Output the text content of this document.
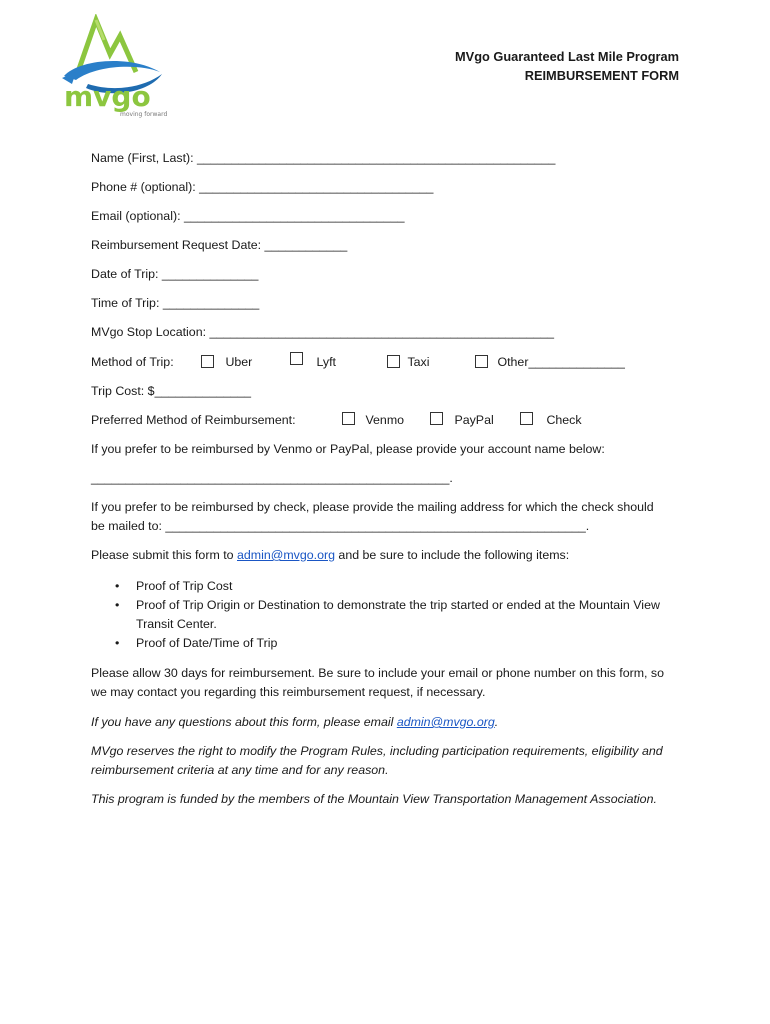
mvgo
moving forward
MVgo Guaranteed Last Mile Program
REIMBURSEMENT FORM
Name (First, Last): ____________________________________________________
Phone # (optional): __________________________________
Email (optional): ________________________________
Reimbursement Request Date: ____________
Date of Trip: ______________
Time of Trip: ______________
MVgo Stop Location: __________________________________________________
Method of Trip:	Uber	Lyft	Taxi	Other______________
Trip Cost: $______________
Preferred Method of Reimbursement:	Venmo	PayPal	Check
If you prefer to be reimbursed by Venmo or PayPal, please provide your account name below:
____________________________________________________.
If you prefer to be reimbursed by check, please provide the mailing address for which the check should
be mailed to: _____________________________________________________________.
Please submit this form to admin@mvgo.org and be sure to include the following items:
• Proof of Trip Cost
• Proof of Trip Origin or Destination to demonstrate the trip started or ended at the Mountain View Transit Center.
• Proof of Date/Time of Trip
Please allow 30 days for reimbursement. Be sure to include your email or phone number on this form, so we may contact you regarding this reimbursement request, if necessary.
If you have any questions about this form, please email admin@mvgo.org.
MVgo reserves the right to modify the Program Rules, including participation requirements, eligibility and reimbursement criteria at any time and for any reason.
This program is funded by the members of the Mountain View Transportation Management Association.
